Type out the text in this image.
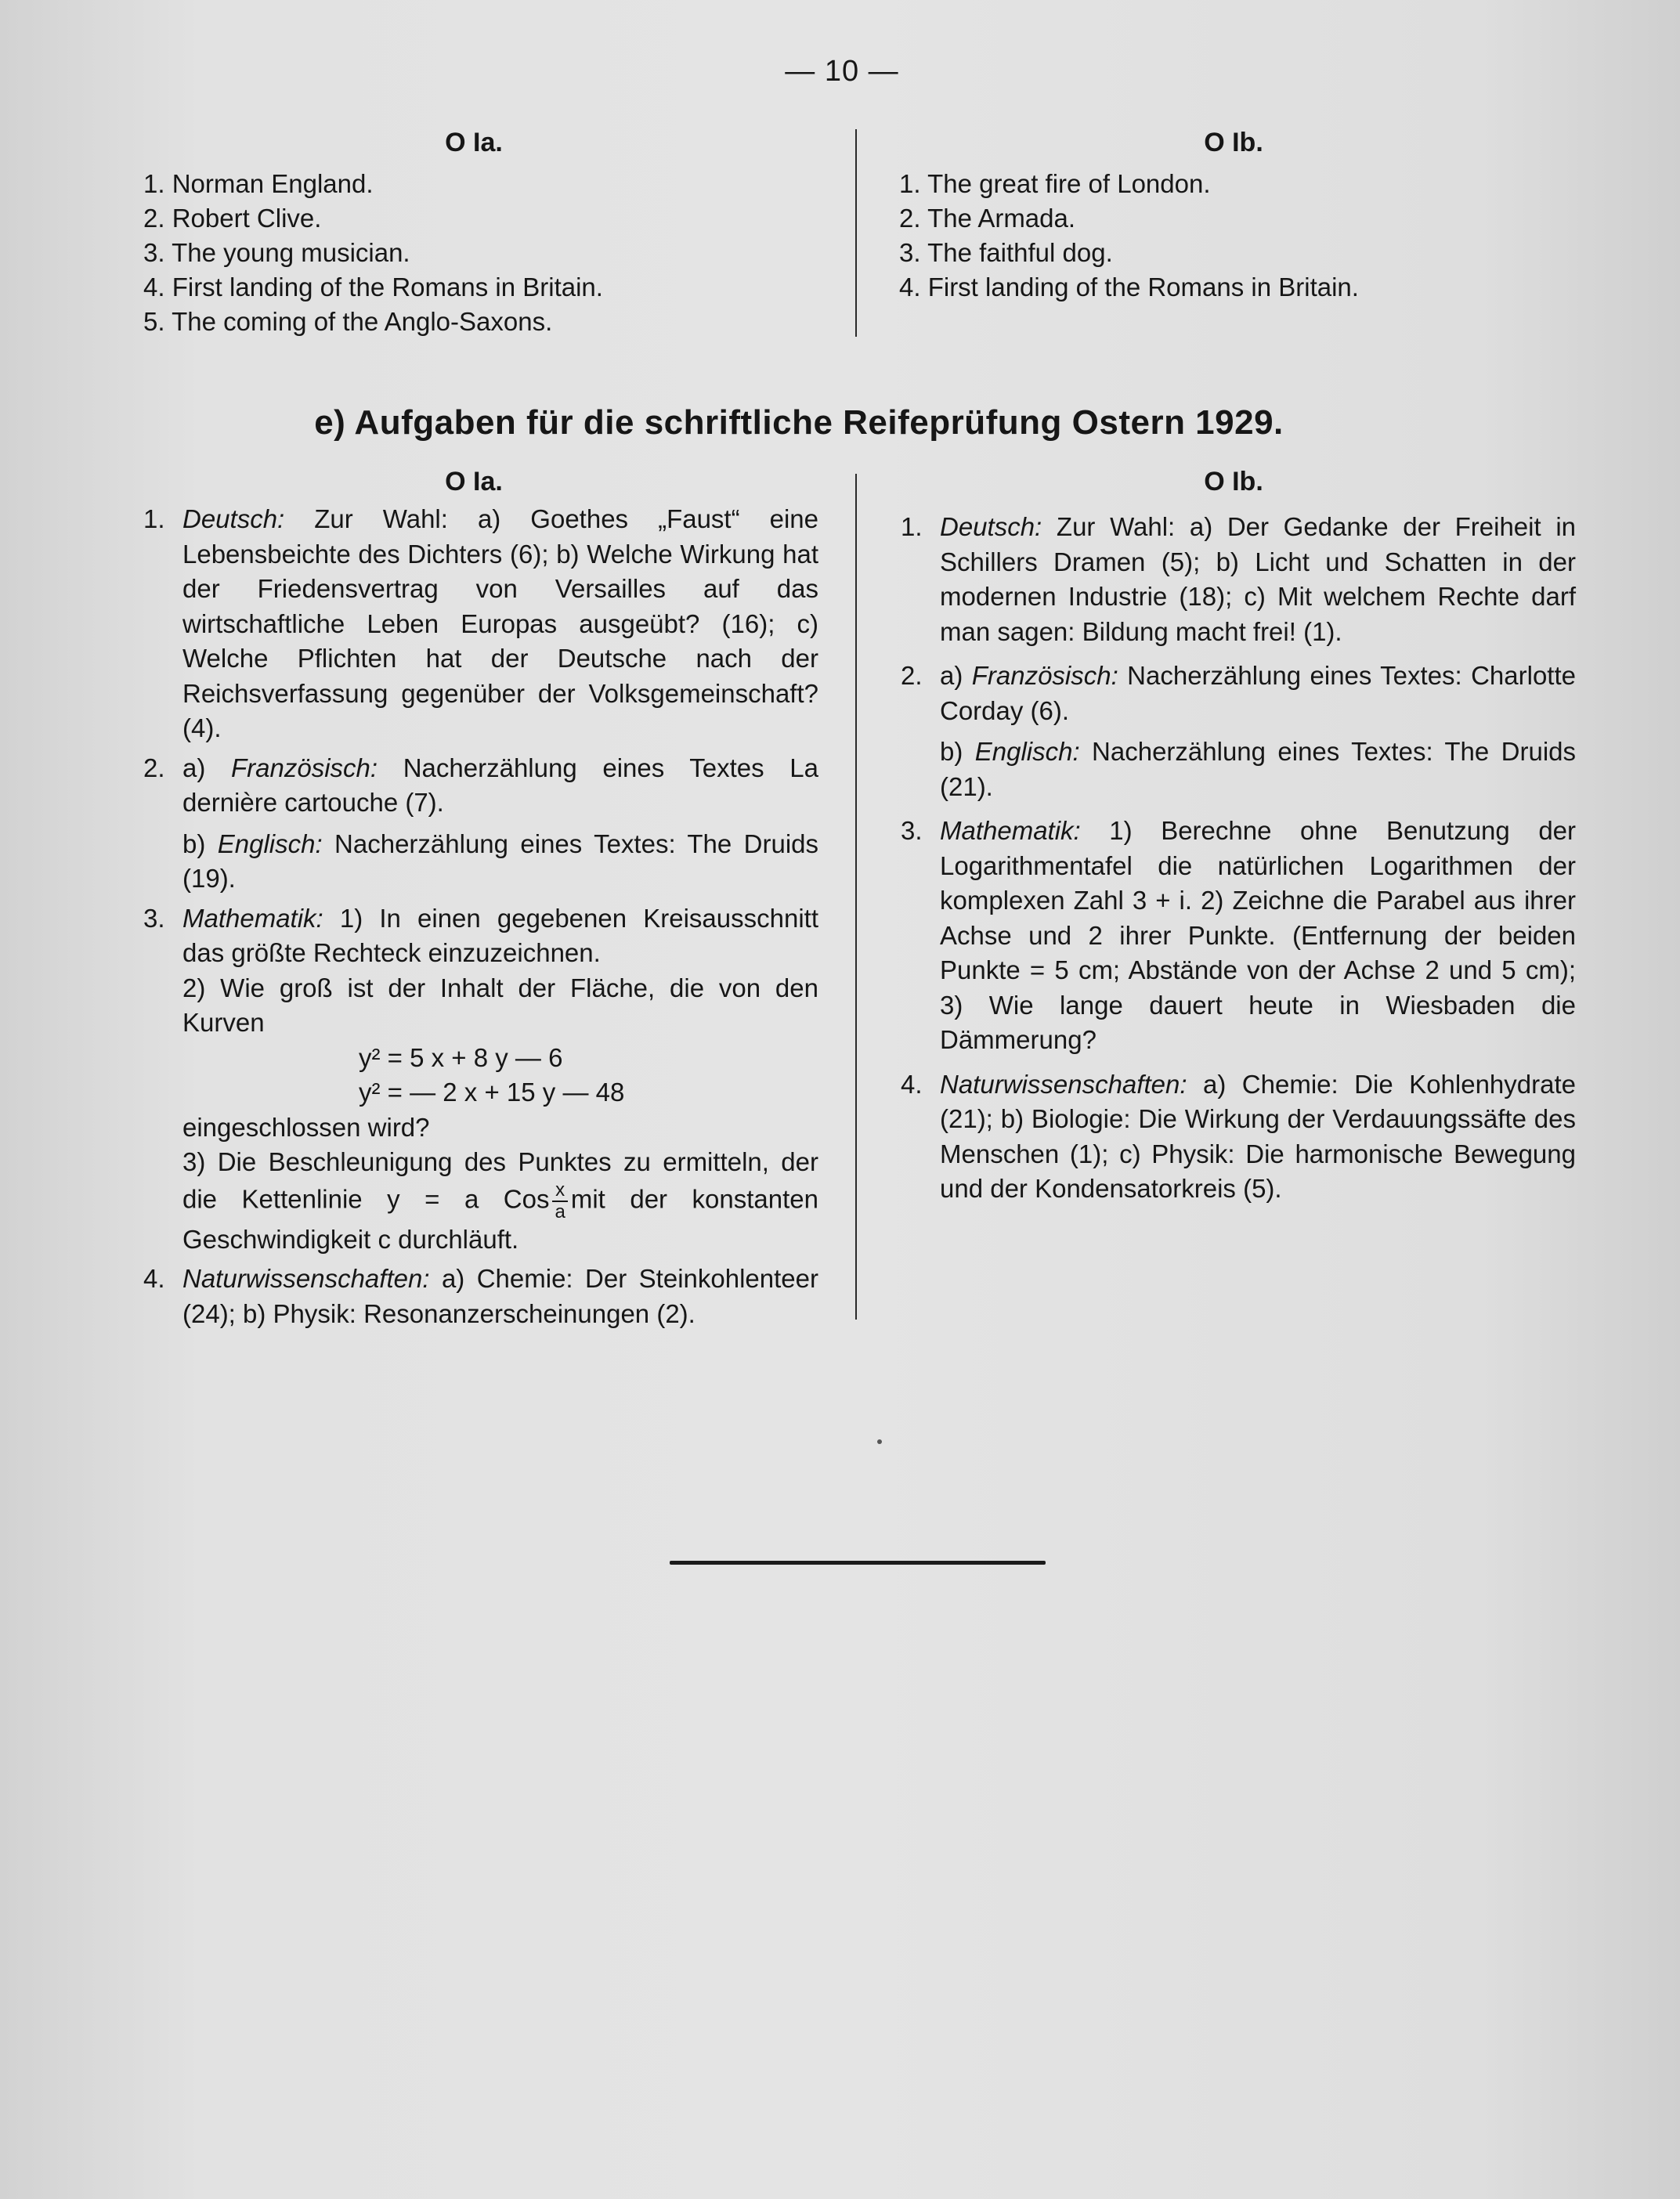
— 10 —
O Ia.	O Ib.
1. Norman England.
2. Robert Clive.
3. The young musician.
4. First landing of the Romans in Britain.
5. The coming of the Anglo-Saxons.
1. The great fire of London.
2. The Armada.
3. The faithful dog.
4. First landing of the Romans in Britain.
e) Aufgaben für die schriftliche Reifeprüfung Ostern 1929.
O Ia.	O Ib.
1. Deutsch: Zur Wahl: a) Goethes „Faust“ eine Lebensbeichte des Dichters (6); b) Welche Wirkung hat der Friedensvertrag von Versailles auf das wirtschaftliche Leben Europas ausgeübt? (16); c) Welche Pflichten hat der Deutsche nach der Reichsverfassung gegenüber der Volksgemeinschaft? (4).

2. a) Französisch: Nacherzählung eines Textes La dernière cartouche (7).

b) Englisch: Nacherzählung eines Textes: The Druids (19).

3. Mathematik: 1) In einen gegebenen Kreisausschnitt das größte Rechteck einzuzeichnen.

2) Wie groß ist der Inhalt der Fläche, die von den Kurven

y² = 5 x + 8 y — 6

y² = — 2 x + 15 y — 48

eingeschlossen wird?

3) Die Beschleunigung des Punktes zu ermitteln, der die Kettenlinie y = a Cos $\frac{x}{a}$ mit der konstanten Geschwindigkeit c durchläuft.

4. Naturwissenschaften: a) Chemie: Der Steinkohlenteer (24); b) Physik: Resonanzerscheinungen (2).

1. Deutsch: Zur Wahl: a) Der Gedanke der Freiheit in Schillers Dramen (5); b) Licht und Schatten in der modernen Industrie (18); c) Mit welchem Rechte darf man sagen: Bildung macht frei! (1).

2. a) Französisch: Nacherzählung eines Textes: Charlotte Corday (6).

b) Englisch: Nacherzählung eines Textes: The Druids (21).

3. Mathematik: 1) Berechne ohne Benutzung der Logarithmentafel die natürlichen Logarithmen der komplexen Zahl 3 + i. 2) Zeichne die Parabel aus ihrer Achse und 2 ihrer Punkte. (Entfernung der beiden Punkte = 5 cm; Abstände von der Achse 2 und 5 cm); 3) Wie lange dauert heute in Wiesbaden die Dämmerung?

4. Naturwissenschaften: a) Chemie: Die Kohlenhydrate (21); b) Biologie: Die Wirkung der Verdauungssäfte des Menschen (1); c) Physik: Die harmonische Bewegung und der Kondensatorkreis (5).
